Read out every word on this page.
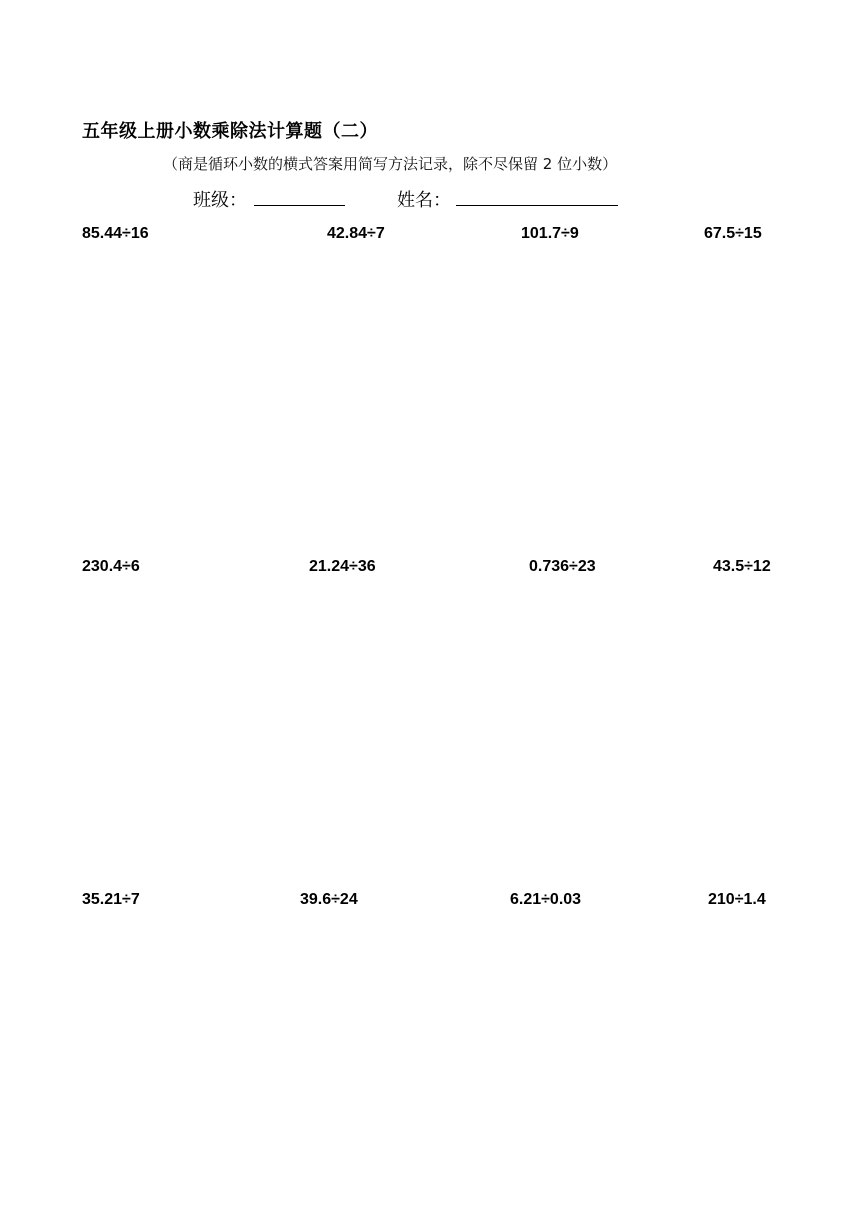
五年级上册小数乘除法计算题（二）
（商是循环小数的横式答案用简写方法记录，除不尽保留 2 位小数）
班级：	姓名：
85.44÷16	42.84÷7	101.7÷9	67.5÷15
230.4÷6	21.24÷36	0.736÷23	43.5÷12
35.21÷7	39.6÷24	6.21÷0.03	210÷1.4
